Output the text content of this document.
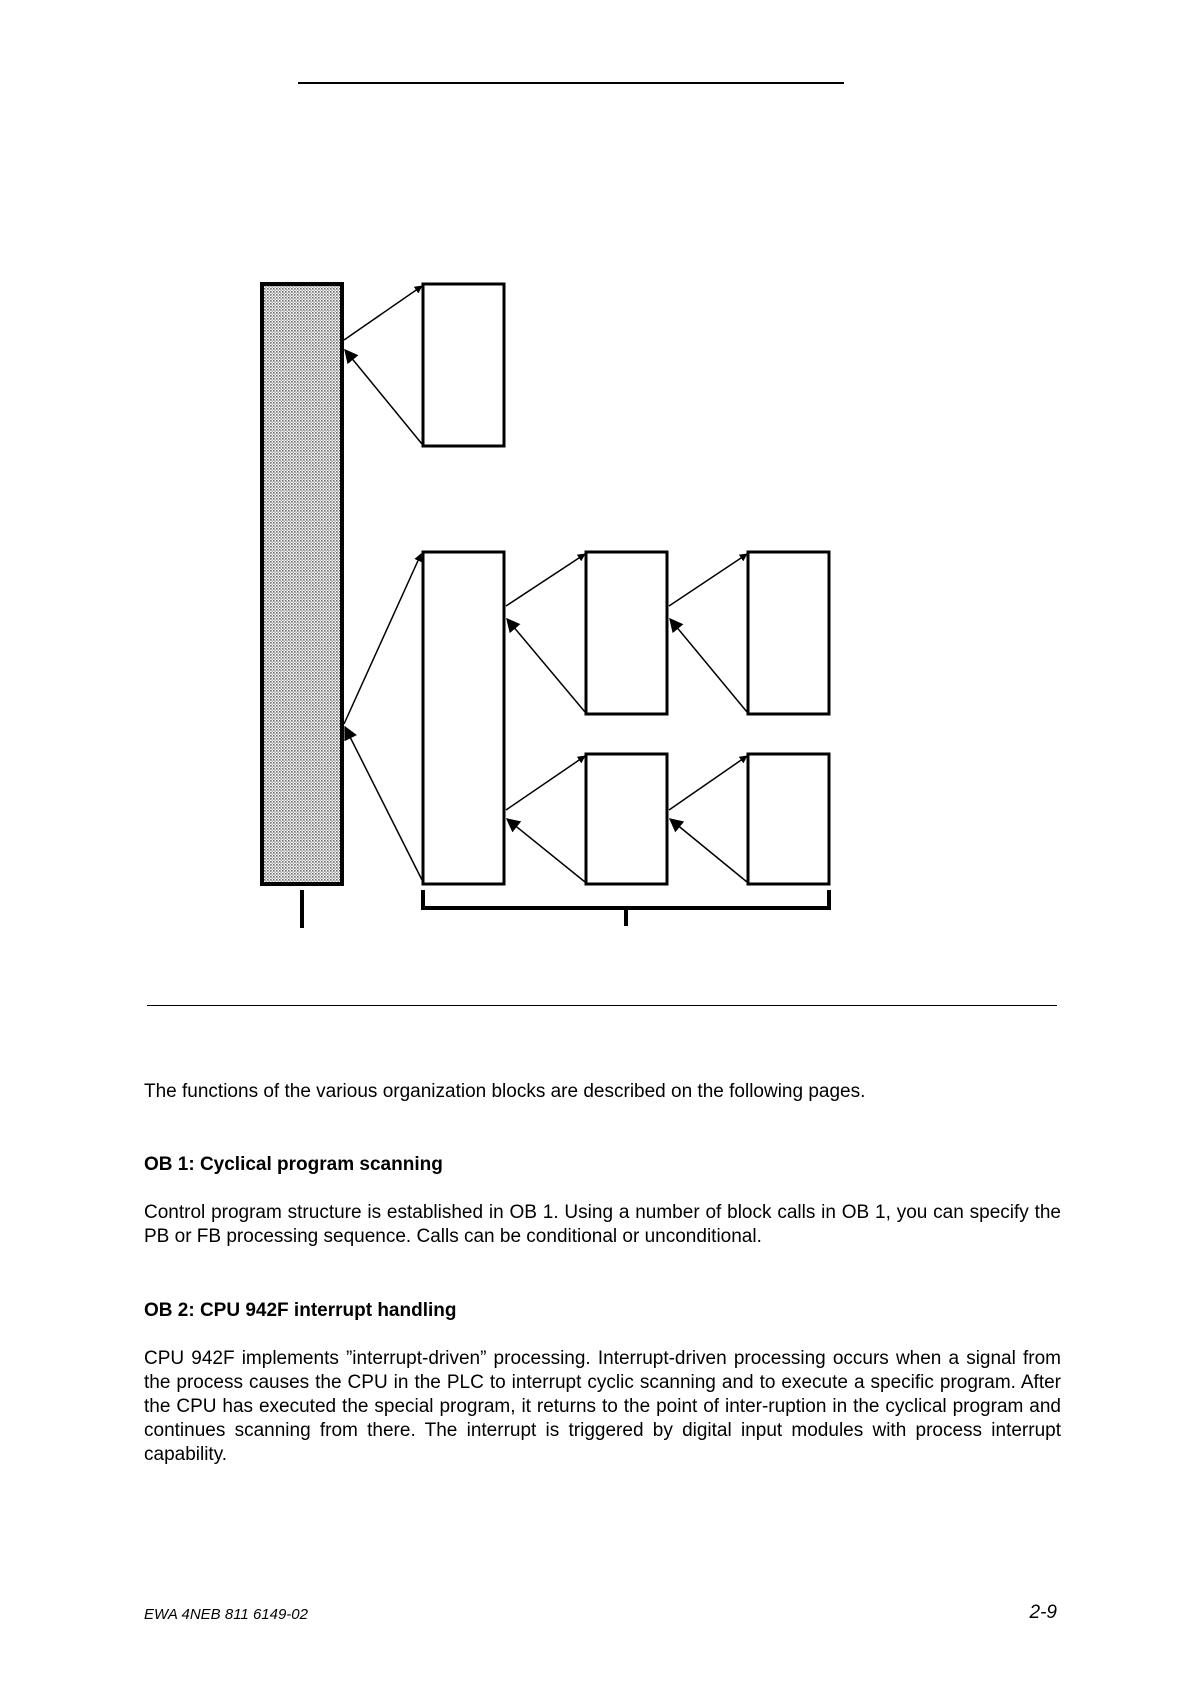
The functions of the various organization blocks are described on the following pages.

OB 1: Cyclical program scanning

Control program structure is established in OB 1. Using a number of block calls in OB 1, you can specify the PB or FB processing sequence. Calls can be conditional or unconditional.

OB 2: CPU 942F interrupt handling

CPU 942F implements ”interrupt-driven” processing. Interrupt-driven processing occurs when a signal from the process causes the CPU in the PLC to interrupt cyclic scanning and to execute a specific program. After the CPU has executed the special program, it returns to the point of inter-ruption in the cyclical program and continues scanning from there. The interrupt is triggered by digital input modules with process interrupt capability.

EWA 4NEB 811 6149-02	2-9
